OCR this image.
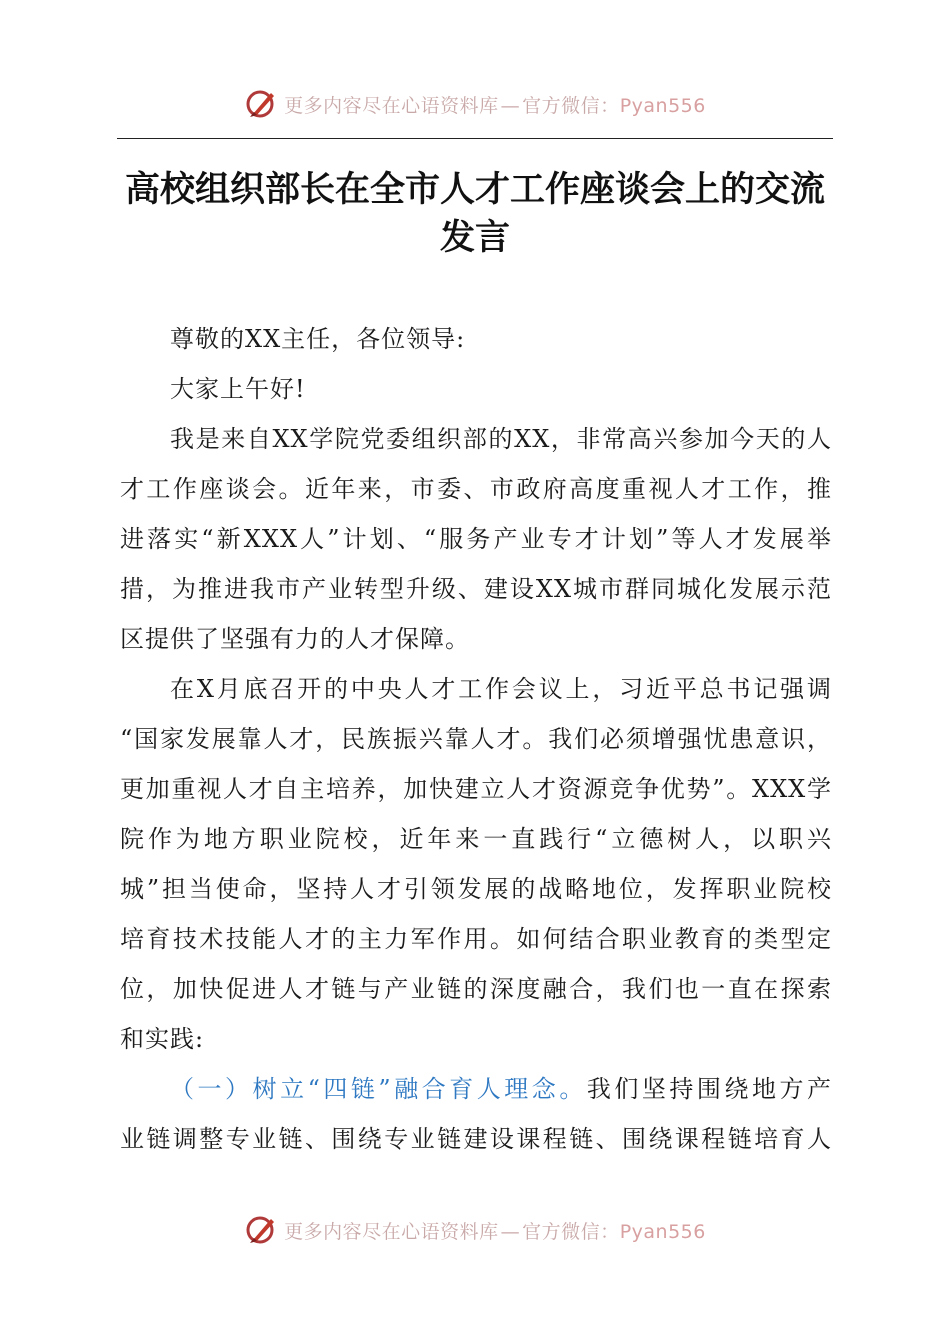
更多内容尽在心语资料库 — 官方微信：Pyan556
高校组织部长在全市人才工作座谈会上的交流
发言
尊敬的XX主任，各位领导:
大家上午好!
我是来自XX学院党委组织部的XX，非常高兴参加今天的人
才工作座谈会。近年来，市委、市政府高度重视人才工作，推
进落实“新XXX人”计划、“服务产业专才计划”等人才发展举
措，为推进我市产业转型升级、建设XX城市群同城化发展示范
区提供了坚强有力的人才保障。
在X月底召开的中央人才工作会议上，习近平总书记强调
“国家发展靠人才，民族振兴靠人才。我们必须增强忧患意识，
更加重视人才自主培养，加快建立人才资源竞争优势”。XXX学
院作为地方职业院校，近年来一直践行“立德树人，以职兴
城”担当使命，坚持人才引领发展的战略地位，发挥职业院校
培育技术技能人才的主力军作用。如何结合职业教育的类型定
位，加快促进人才链与产业链的深度融合，我们也一直在探索
和实践:
（一）树立“四链”融合育人理念。我们坚持围绕地方产
业链调整专业链、围绕专业链建设课程链、围绕课程链培育人
更多内容尽在心语资料库 — 官方微信：Pyan556
